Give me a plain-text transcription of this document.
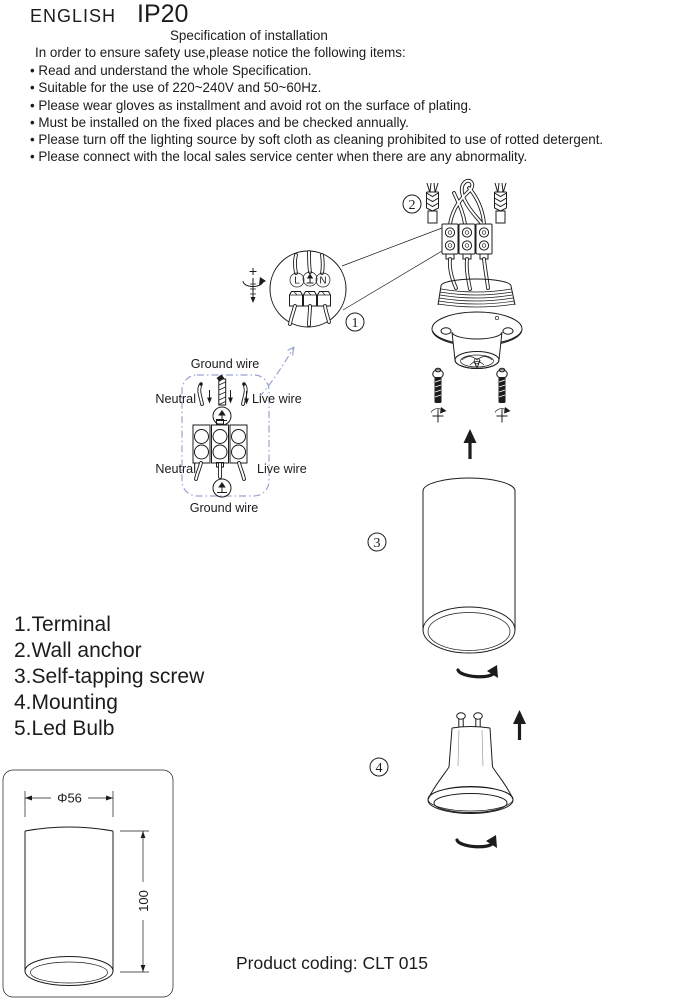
ENGLISH IP20
Specification of installation
In order to ensure safety use,please notice the following items:
• Read and understand the whole Specification.
• Suitable for the use of 220~240V and 50~60Hz.
• Please wear gloves as installment and avoid rot on the surface of plating.
• Must be installed on the fixed places and be checked annually.
• Please turn off the lighting source by soft cloth as cleaning prohibited to use of rotted detergent.
• Please connect with the local sales service center when there are any abnormality.
1.Terminal
2.Wall anchor
3.Self-tapping screw
4.Mounting
5.Led Bulb
Product coding: CLT 015
2
L N
1
Ground wire
Neutral	Live wire
Neutral	Live wire
Ground wire
3
4
Φ56
100
